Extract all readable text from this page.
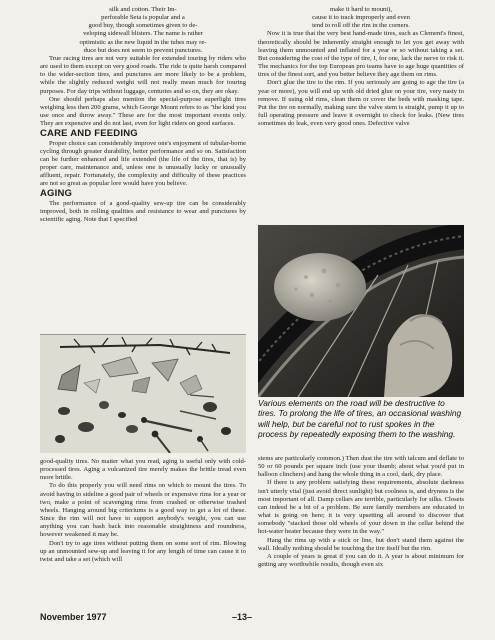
silk and cotton. Their Im-

perforable Seta is popular and a

good buy, though sometimes given to de-

veloping sidewall blisters. The name is rather

optimistic as the new liquid in the tubes may re-

duce but does not seem to prevent punctures.

True racing tires are not very suitable for extended touring by riders who are used to them except on very good roads. The ride is quite harsh compared to the wider-section tires, and punctures are more likely to be a problem, while the slightly reduced weight will not really mean much for touring purposes. For day trips without luggage, centuries and so on, they are okay.

One should perhaps also mention the special-purpose superlight tires weighing less then 200 grams, which George Mount refers to as "the kind you use once and throw away." These are for the most important events only. They are expensive and do not last, even for light riders on good surfaces.

CARE AND FEEDING

Proper choice can considerably improve one's enjoyment of tubular-borne cycling through greater durability, better performance and so on. Satisfaction can be further enhanced and life extended (the life of the tires, that is) by proper care, maintenance and, unless one is unusually lucky or unusually affluent, repair. Fortunately, the complexity and difficulty of these practices are not so great as popular lore would have you believe.

AGING

The performance of a good-quality sew-up tire can be considerably improved, both in rolling qualities and resistance to wear and punctures by scientific aging. Note that I specified

good-quality tires. No matter what you read, aging is useful only with cold-processed tires. Aging a vulcanized tire merely makes the brittle tread even more brittle.

To do this properly you will need rims on which to mount the tires. To avoid having to sideline a good pair of wheels or expensive rims for a year or two, make a point of scavenging rims from crashed or otherwise trashed wheels. Hanging around big criteriums is a good way to get a lot of these. Since the rim will not have to support anybody's weight, you can use anything you can bash back into reasonable straightness and roundness, however weakened it may be.

Don't try to age tires without putting them on some sort of rim. Blowing up an unmounted sew-up and leaving it for any length of time can cause it to twist and take a set (which will

make it hard to mount),

cause it to track improperly and even

tend to roll off the rim in the corners.

Now it is true that the very best hand-made tires, such as Clement's finest, theoretically should be inherently straight enough to let you get away with leaving them unmounted and inflated for a year or so without taking a set. But considering the cost of the type of tire, I, for one, lack the nerve to risk it. The mechanics for the top European pro teams have to age huge quantities of tires of the finest sort, and you better believe they age them on rims.

Don't glue the tire to the rim. If you seriously are going to age the tire (a year or more), you will end up with old dried glue on your tire, very nasty to remove. If using old rims, clean them or cover the beds with masking tape. Put the tire on normally, making sure the valve stem is straight, pump it up to full operating pressure and leave it overnight to check for leaks. (New tires sometimes do leak, even very good ones. Defective valve

Various elements on the road will be destructive to tires. To prolong the life of tires, an occasional washing will help, but be careful not to rust spokes in the process by repeatedly exposing them to the washing.

stems are particularly common.) Then dust the tire with talcum and deflate to 50 or 60 pounds per square inch (use your thumb; about what you'd put in balloon clinchers) and hang the whole thing in a cool, dark, dry place.

If there is any problem satisfying these requirements, absolute darkness isn't utterly vital (just avoid direct sunlight) but coolness is, and dryness is the most important of all. Damp cellars are terrible, particularly for silks. Closets can indeed be a bit of a problem. Be sure family members are educated to what is going on here; it is very upsetting all around to discover that somebody "stacked those old wheels of your down in the cellar behind the hot-water heater because they were in the way."

Hang the rims up with a stick or line, but don't stand them against the wall. Ideally nothing should be touching the tire itself but the rim.

A couple of years is great if you can do it. A year is about minimum for getting any worthwhile results, though even six

November 1977	–13–
